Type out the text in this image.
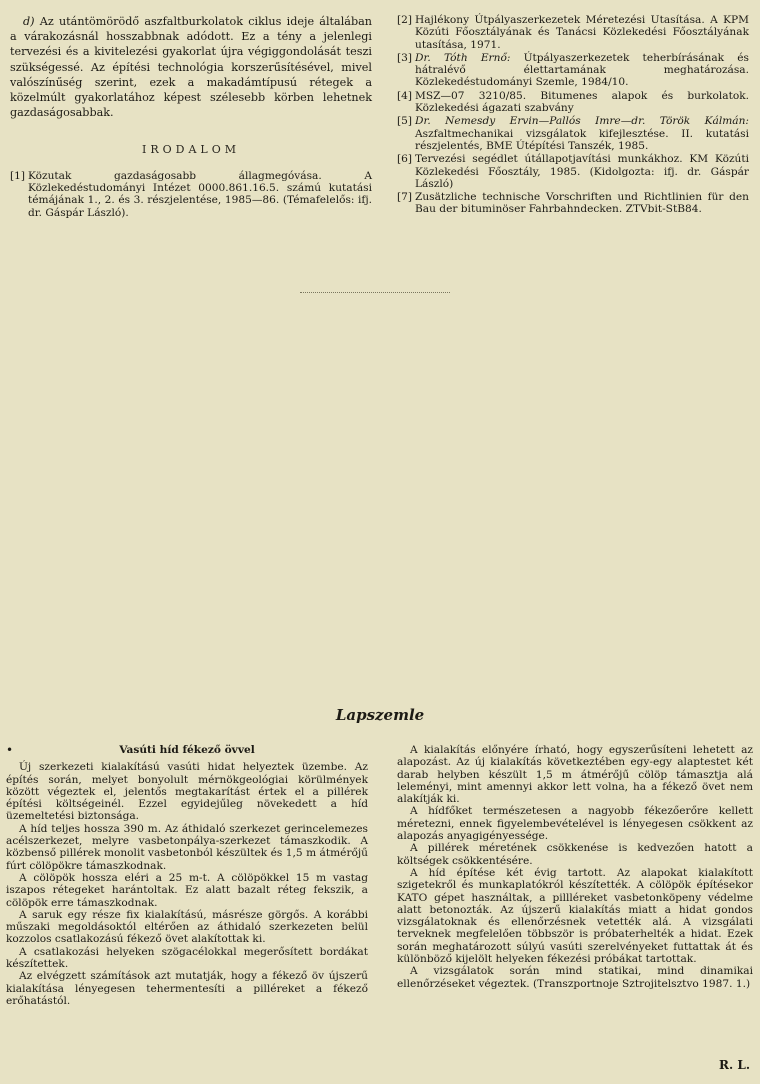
d) Az utántömörödő aszfaltburkolatok ciklus ideje általában a várakozásnál hosszabbnak adódott. Ez a tény a jelenlegi tervezési és a kivitelezési gyakorlat újra végiggondolását teszi szükségessé. Az építési technológia korszerűsítésével, mivel valószínűség szerint, ezek a makadámtípusú rétegek a közelmúlt gyakorlatához képest szélesebb körben lehetnek gazdaságosabbak.

IRODALOM
[1] Közutak gazdaságosabb állagmegóvása. A Közlekedéstudományi Intézet 0000.861.16.5. számú kutatási témájának 1., 2. és 3. részjelentése, 1985—86. (Témafelelős: ifj. dr. Gáspár László).
[2] Hajlékony Útpályaszerkezetek Méretezési Utasítása. A KPM Közúti Főosztályának és Tanácsi Közlekedési Főosztályának utasítása, 1971.
[3] Dr. Tóth Ernő: Útpályaszerkezetek teherbírásának és hátralévő élettartamának meghatározása. Közlekedéstudományi Szemle, 1984/10.
[4] MSZ—07 3210/85. Bitumenes alapok és burkolatok. Közlekedési ágazati szabvány
[5] Dr. Nemesdy Ervin—Pallós Imre—dr. Török Kálmán: Aszfaltmechanikai vizsgálatok kifejlesztése. II. kutatási részjelentés, BME Útépítési Tanszék, 1985.
[6] Tervezési segédlet útállapotjavítási munkákhoz. KM Közúti Közlekedési Főosztály, 1985. (Kidolgozta: ifj. dr. Gáspár László)
[7] Zusätzliche technische Vorschriften und Richtlinien für den Bau der bituminöser Fahrbahndecken. ZTVbit-StB84.
Lapszemle
•	Vasúti híd fékező övvel

Új szerkezeti kialakítású vasúti hidat helyeztek üzembe. Az építés során, melyet bonyolult mérnökgeológiai körülmények között végeztek el, jelentős megtakarítást értek el a pillérek építési költségeinél. Ezzel egyidejűleg növekedett a híd üzemeltetési biztonsága.

A híd teljes hossza 390 m. Az áthidaló szerkezet gerincelemezes acélszerkezet, melyre vasbetonpálya-szerkezet támaszkodik. A közbenső pillérek monolit vasbetonból készültek és 1,5 m átmérőjű fúrt cölöpökre támaszkodnak.

A cölöpök hossza eléri a 25 m-t. A cölöpökkel 15 m vastag iszapos rétegeket harántoltak. Ez alatt bazalt réteg fekszik, a cölöpök erre támaszkodnak.

A saruk egy része fix kialakítású, másrésze görgős. A korábbi műszaki megoldásoktól eltérően az áthidaló szerkezeten belül kozzolos csatlakozású fékező övet alakítottak ki.

A csatlakozási helyeken szögacélokkal megerősített bordákat készítettek.

Az elvégzett számítások azt mutatják, hogy a fékező öv újszerű kialakítása lényegesen tehermentesíti a pilléreket a fékező erőhatástól.

A kialakítás előnyére írható, hogy egyszerűsíteni lehetett az alapozást. Az új kialakítás következtében egy-egy alaptestet két darab helyben készült 1,5 m átmérőjű cölöp támasztja alá leleményi, mint amennyi akkor lett volna, ha a fékező övet nem alakítják ki.

A hídfőket természetesen a nagyobb fékezőerőre kellett méretezni, ennek figyelembevételével is lényegesen csökkent az alapozás anyagigényessége.

A pillérek méretének csökkenése is kedvezően hatott a költségek csökkentésére.

A híd építése két évig tartott. Az alapokat kialakított szigetekről és munkaplatókról készítették. A cölöpök építésekor KATO gépet használtak, a pillléreket vasbetonköpeny védelme alatt betonozták. Az újszerű kialakítás miatt a hidat gondos vizsgálatoknak és ellenőrzésnek vetették alá. A vizsgálati terveknek megfelelően többször is próbaterhelték a hidat. Ezek során meghatározott súlyú vasúti szerelvényeket futtattak át és különböző kijelölt helyeken fékezési próbákat tartottak.

A vizsgálatok során mind statikai, mind dinamikai ellenőrzéseket végeztek. (Transzportnoje Sztrojitelsztvo 1987. 1.)

R. L.
